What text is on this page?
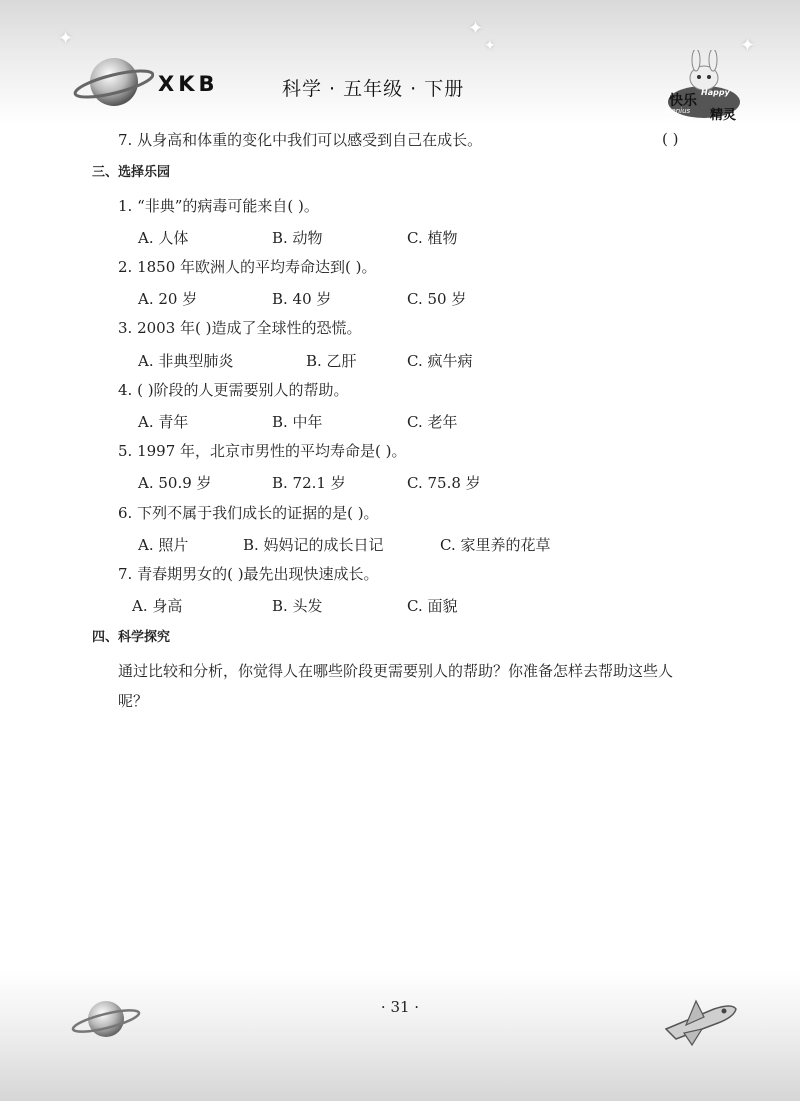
✦	✦
✦	✦
XKB	科学 · 五年级 · 下册
快乐
Happy
Genius 精灵
7. 从身高和体重的变化中我们可以感受到自己在成长。	( )
三、选择乐园
1. “非典”的病毒可能来自( )。
A. 人体	B. 动物	C. 植物
2. 1850 年欧洲人的平均寿命达到( )。
A. 20 岁	B. 40 岁	C. 50 岁
3. 2003 年( )造成了全球性的恐慌。
A. 非典型肺炎	B. 乙肝	C. 疯牛病
4. ( )阶段的人更需要别人的帮助。
A. 青年	B. 中年	C. 老年
5. 1997 年，北京市男性的平均寿命是( )。
A. 50.9 岁	B. 72.1 岁	C. 75.8 岁
6. 下列不属于我们成长的证据的是( )。
A. 照片	B. 妈妈记的成长日记	C. 家里养的花草
7. 青春期男女的( )最先出现快速成长。
A. 身高	B. 头发	C. 面貌
四、科学探究
通过比较和分析，你觉得人在哪些阶段更需要别人的帮助？你准备怎样去帮助这些人
呢？
· 31 ·
